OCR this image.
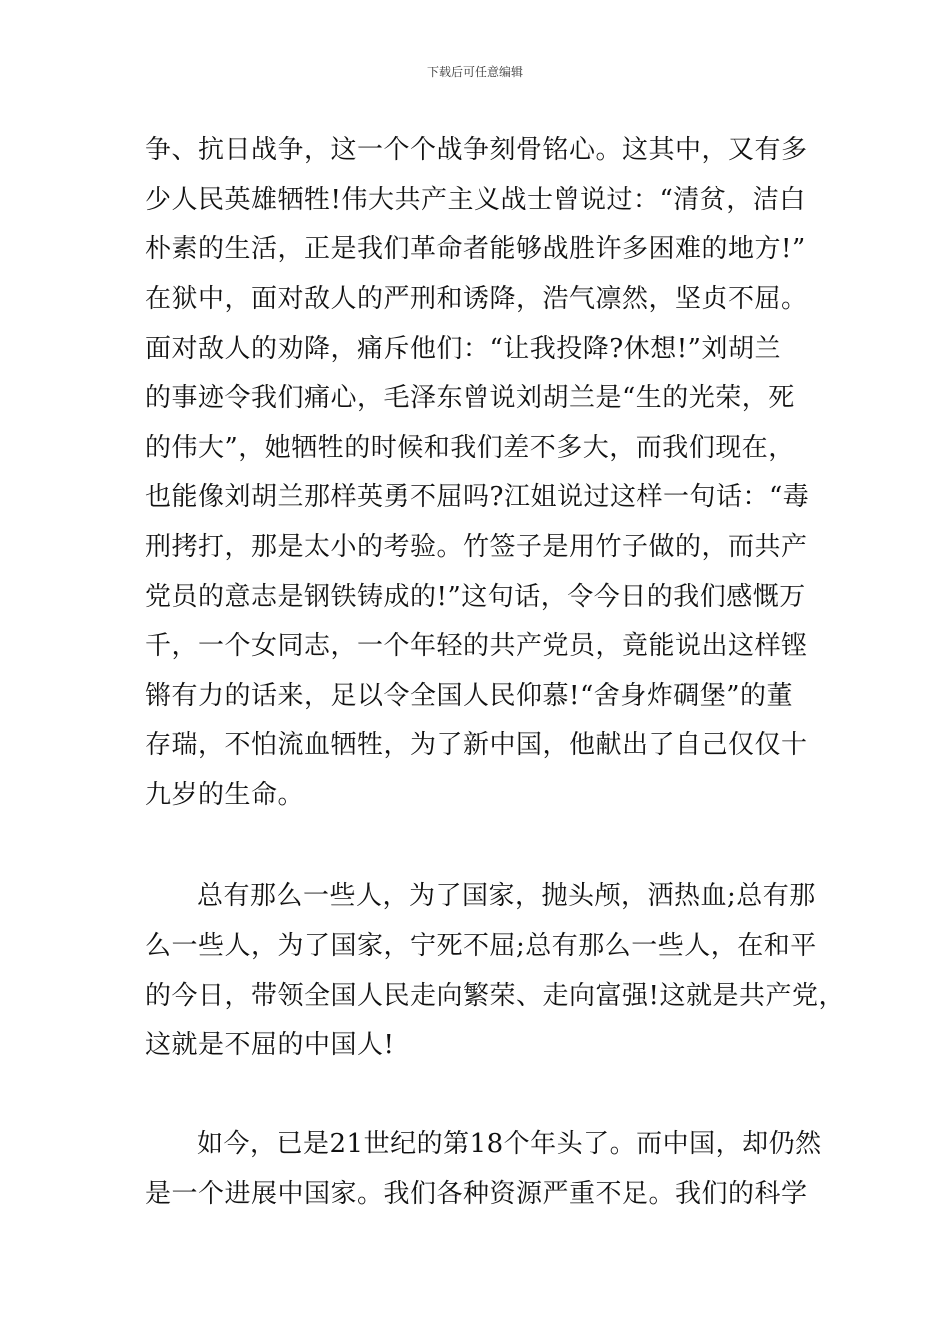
下载后可任意编辑
争、抗日战争，这一个个战争刻骨铭心。这其中，又有多
少人民英雄牺牲!伟大共产主义战士曾说过：“清贫，洁白
朴素的生活，正是我们革命者能够战胜许多困难的地方!”
在狱中，面对敌人的严刑和诱降，浩气凛然，坚贞不屈。
面对敌人的劝降，痛斥他们：“让我投降?休想!”刘胡兰
的事迹令我们痛心，毛泽东曾说刘胡兰是“生的光荣，死
的伟大”，她牺牲的时候和我们差不多大，而我们现在，
也能像刘胡兰那样英勇不屈吗?江姐说过这样一句话：“毒
刑拷打，那是太小的考验。竹签子是用竹子做的，而共产
党员的意志是钢铁铸成的!”这句话，令今日的我们感慨万
千，一个女同志，一个年轻的共产党员，竟能说出这样铿
锵有力的话来，足以令全国人民仰慕!“舍身炸碉堡”的董
存瑞，不怕流血牺牲，为了新中国，他献出了自己仅仅十
九岁的生命。
总有那么一些人，为了国家，抛头颅，洒热血;总有那
么一些人，为了国家，宁死不屈;总有那么一些人，在和平
的今日，带领全国人民走向繁荣、走向富强!这就是共产党，
这就是不屈的中国人!
如今，已是21世纪的第18个年头了。而中国，却仍然
是一个进展中国家。我们各种资源严重不足。我们的科学
